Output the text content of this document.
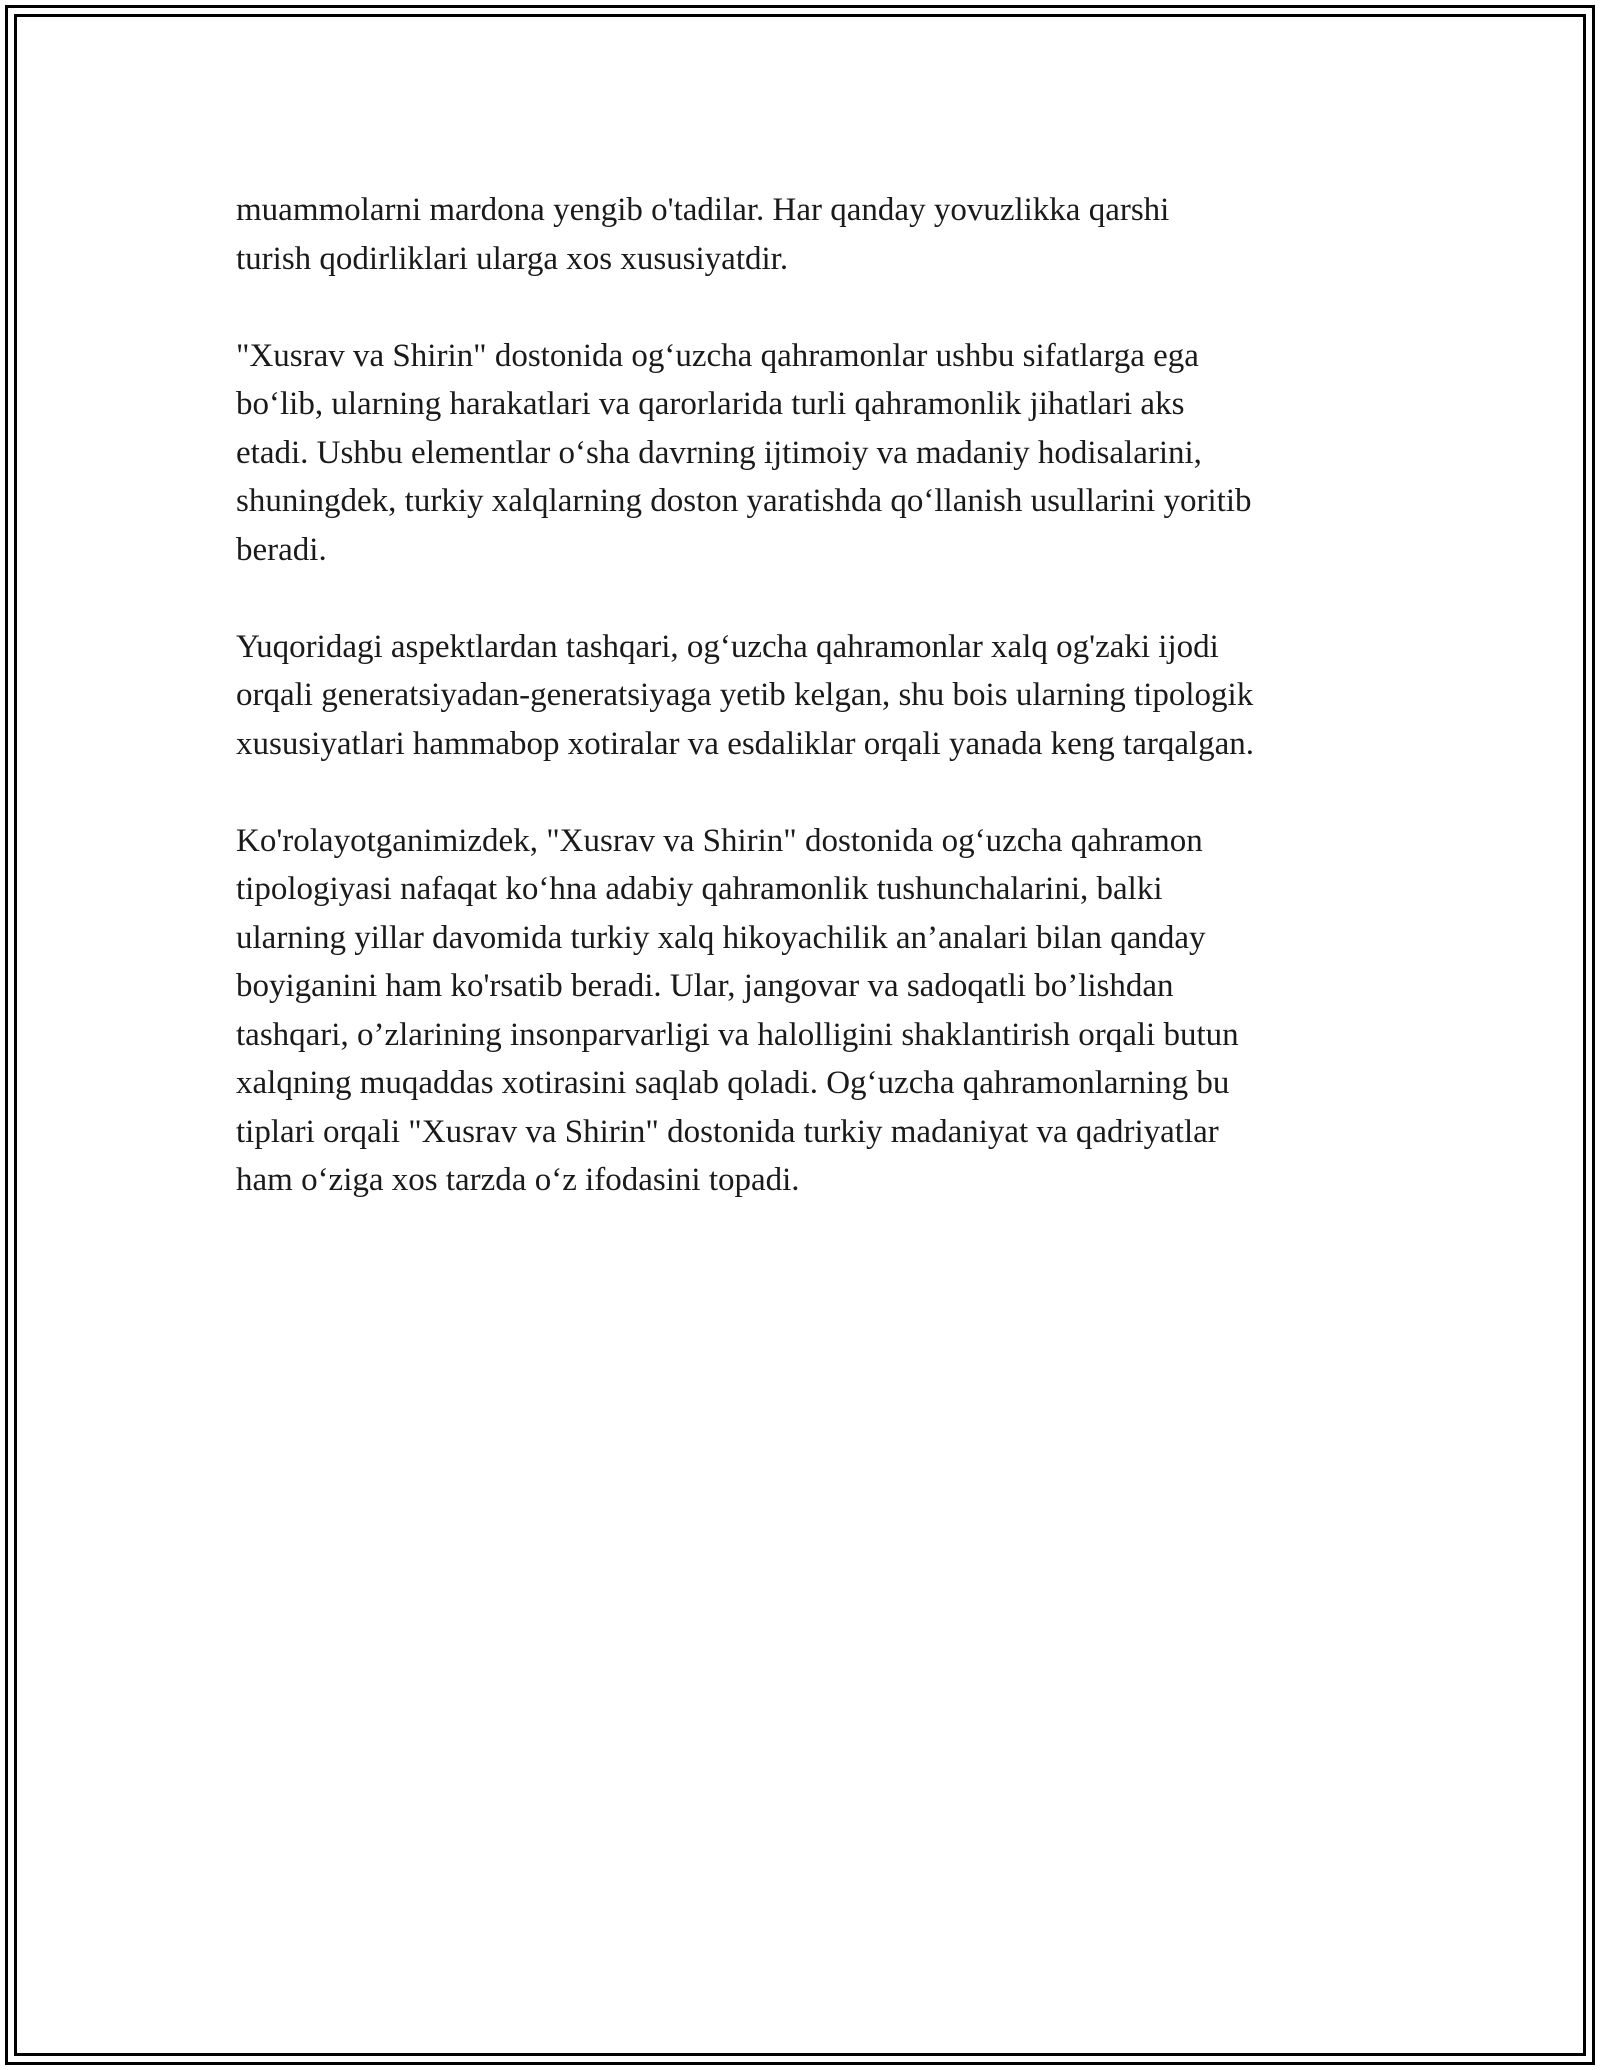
muammolarni mardona yengib o'tadilar. Har qanday yovuzlikka qarshi
turish qodirliklari ularga xos xususiyatdir.

"Xusrav va Shirin" dostonida og‘uzcha qahramonlar ushbu sifatlarga ega
bo‘lib, ularning harakatlari va qarorlarida turli qahramonlik jihatlari aks
etadi. Ushbu elementlar o‘sha davrning ijtimoiy va madaniy hodisalarini,
shuningdek, turkiy xalqlarning doston yaratishda qo‘llanish usullarini yoritib
beradi.

Yuqoridagi aspektlardan tashqari, og‘uzcha qahramonlar xalq og'zaki ijodi
orqali generatsiyadan-generatsiyaga yetib kelgan, shu bois ularning tipologik
xususiyatlari hammabop xotiralar va esdaliklar orqali yanada keng tarqalgan.

Ko'rolayotganimizdek, "Xusrav va Shirin" dostonida og‘uzcha qahramon
tipologiyasi nafaqat ko‘hna adabiy qahramonlik tushunchalarini, balki
ularning yillar davomida turkiy xalq hikoyachilik an’analari bilan qanday
boyiganini ham ko'rsatib beradi. Ular, jangovar va sadoqatli bo’lishdan
tashqari, o’zlarining insonparvarligi va halolligini shaklantirish orqali butun
xalqning muqaddas xotirasini saqlab qoladi. Og‘uzcha qahramonlarning bu
tiplari orqali "Xusrav va Shirin" dostonida turkiy madaniyat va qadriyatlar
ham o‘ziga xos tarzda o‘z ifodasini topadi.
